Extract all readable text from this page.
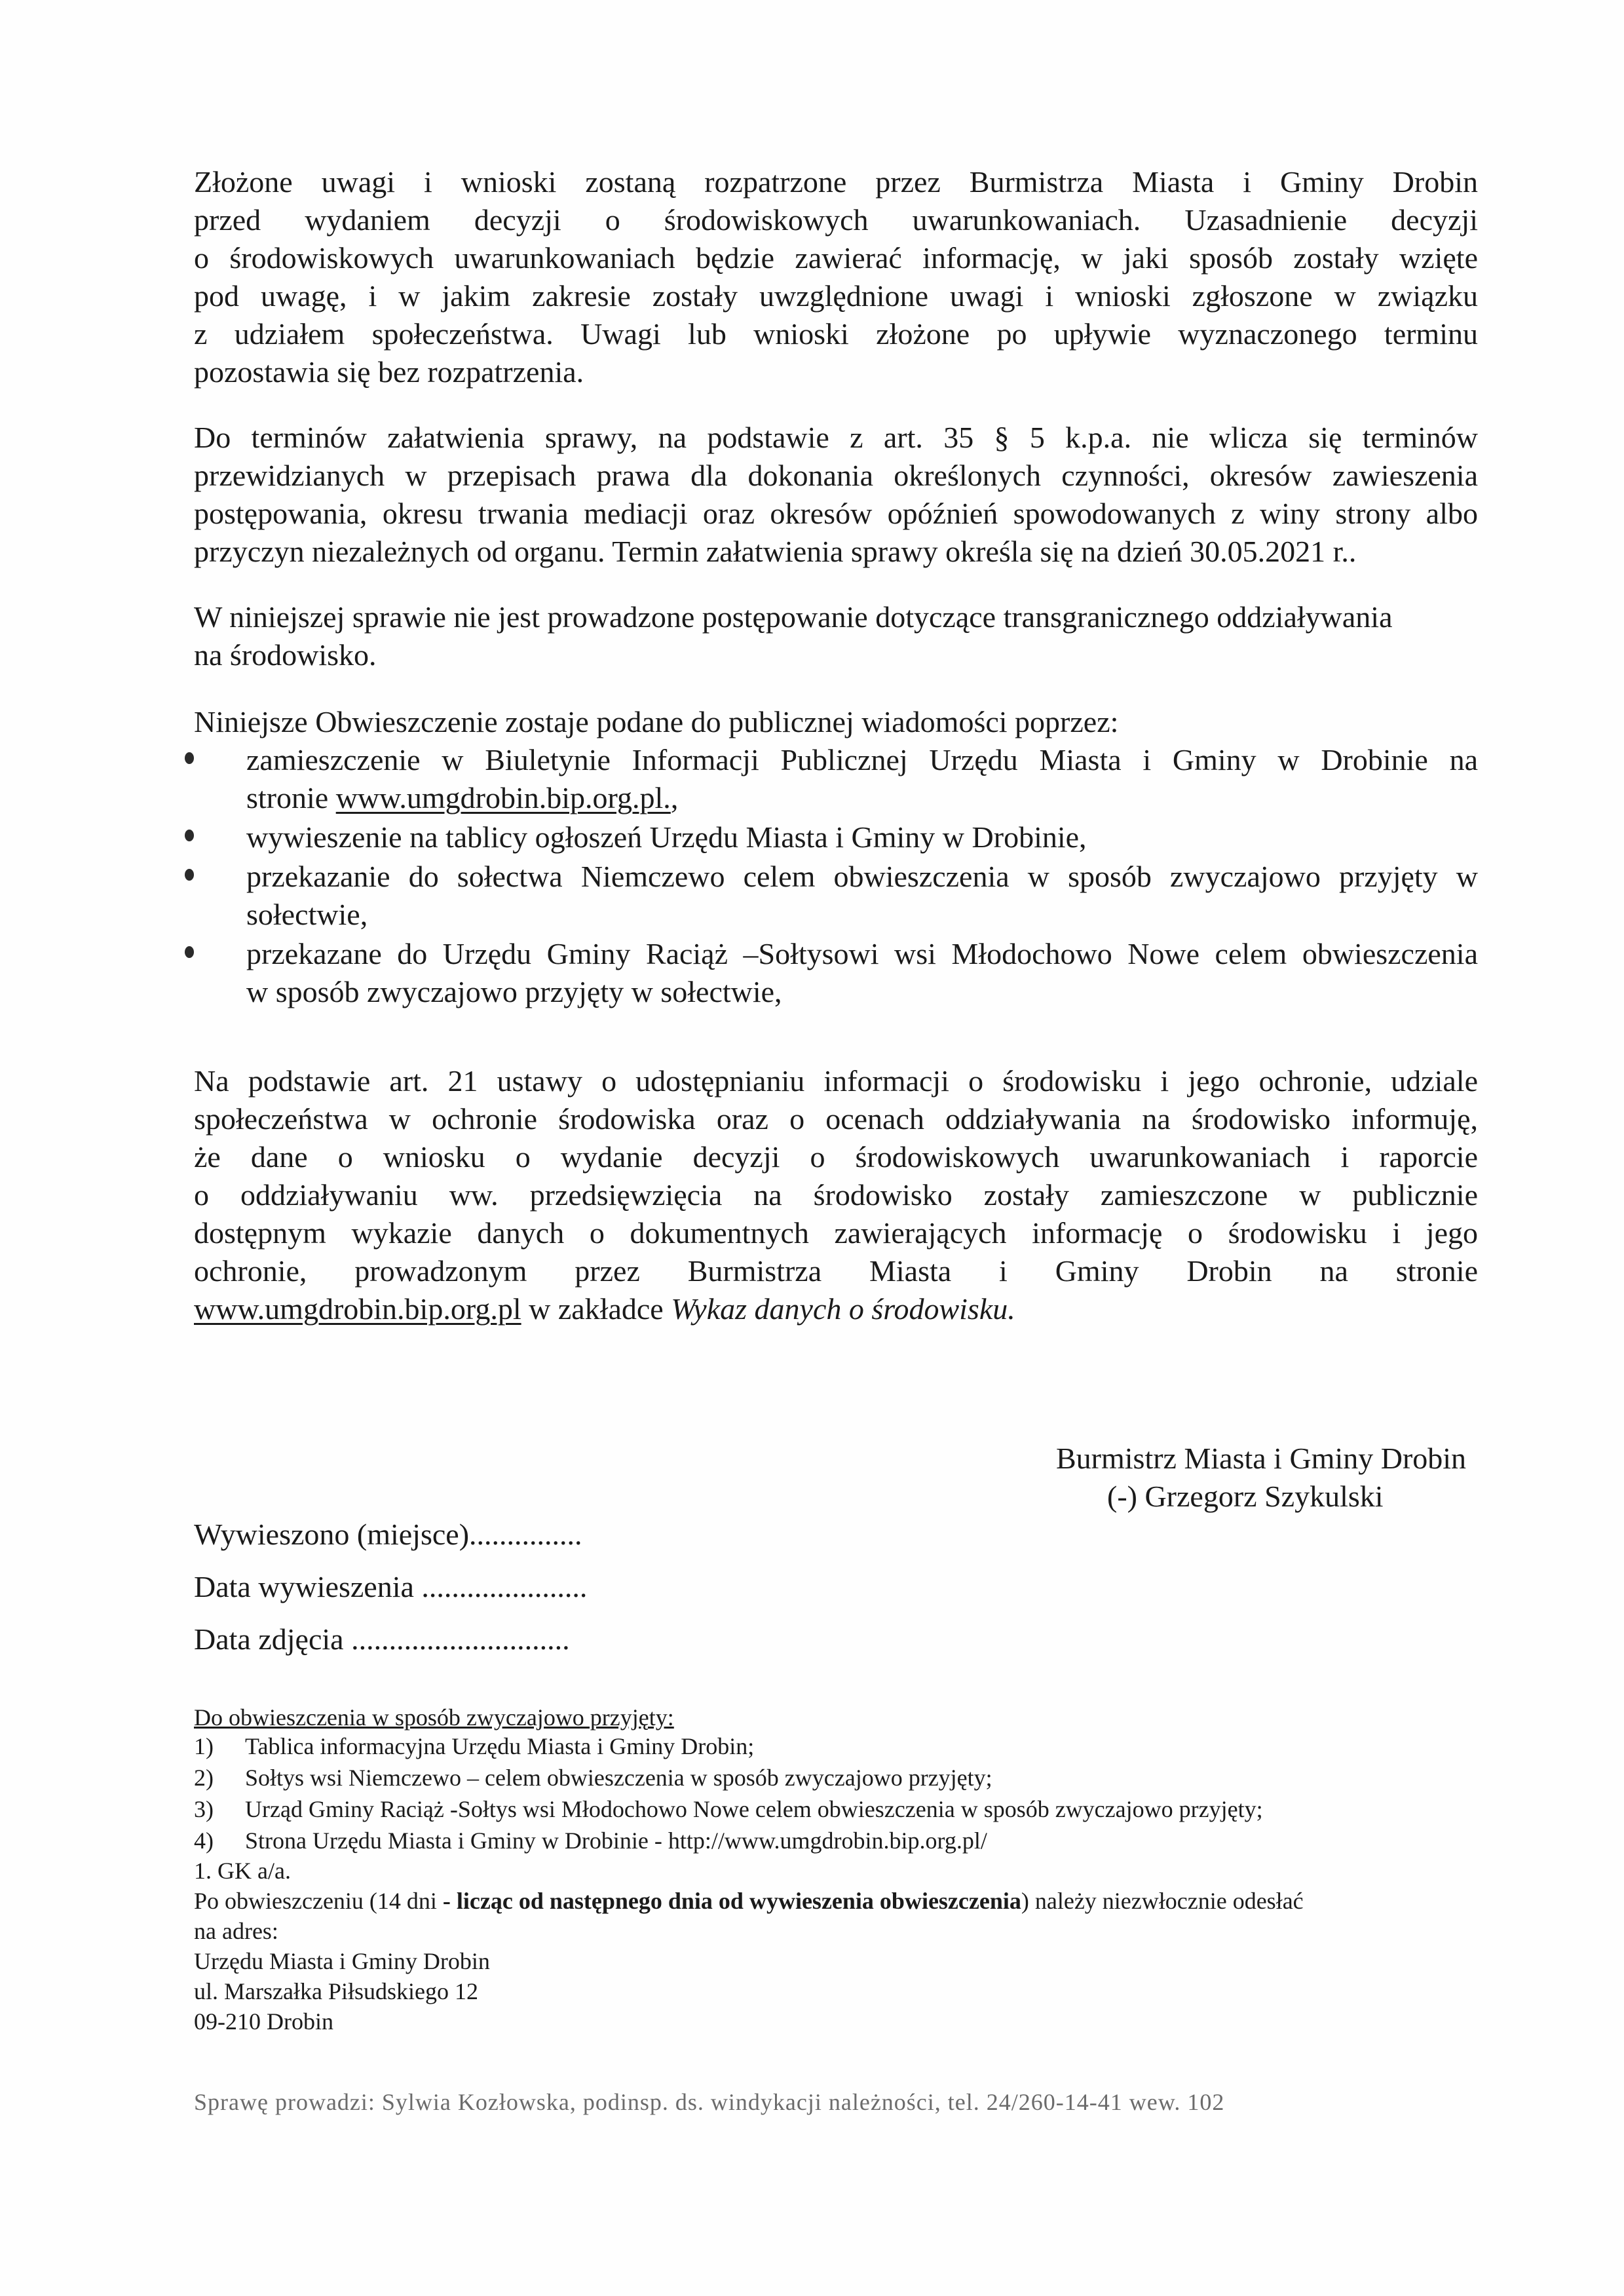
Złożone uwagi i wnioski zostaną rozpatrzone przez Burmistrza Miasta i Gminy Drobin
przed wydaniem decyzji o środowiskowych uwarunkowaniach. Uzasadnienie decyzji
o środowiskowych uwarunkowaniach będzie zawierać informację, w jaki sposób zostały wzięte
pod uwagę, i w jakim zakresie zostały uwzględnione uwagi i wnioski zgłoszone w związku
z udziałem społeczeństwa. Uwagi lub wnioski złożone po upływie wyznaczonego terminu
pozostawia się bez rozpatrzenia.
Do terminów załatwienia sprawy, na podstawie z art. 35 § 5 k.p.a. nie wlicza się terminów
przewidzianych w przepisach prawa dla dokonania określonych czynności, okresów zawieszenia
postępowania, okresu trwania mediacji oraz okresów opóźnień spowodowanych z winy strony albo
przyczyn niezależnych od organu. Termin załatwienia sprawy określa się na dzień 30.05.2021 r..
W niniejszej sprawie nie jest prowadzone postępowanie dotyczące transgranicznego oddziaływania
na środowisko.
Niniejsze Obwieszczenie zostaje podane do publicznej wiadomości poprzez:
zamieszczenie w Biuletynie Informacji Publicznej Urzędu Miasta i Gminy w Drobinie na
stronie www.umgdrobin.bip.org.pl.,
wywieszenie na tablicy ogłoszeń Urzędu Miasta i Gminy w Drobinie,
przekazanie do sołectwa Niemczewo celem obwieszczenia w sposób zwyczajowo przyjęty w
sołectwie,
przekazane do Urzędu Gminy Raciąż –Sołtysowi wsi Młodochowo Nowe celem obwieszczenia
w sposób zwyczajowo przyjęty w sołectwie,
Na podstawie art. 21 ustawy o udostępnianiu informacji o środowisku i jego ochronie, udziale
społeczeństwa w ochronie środowiska oraz o ocenach oddziaływania na środowisko informuję,
że dane o wniosku o wydanie decyzji o środowiskowych uwarunkowaniach i raporcie
o oddziaływaniu ww. przedsięwzięcia na środowisko zostały zamieszczone w publicznie
dostępnym wykazie danych o dokumentnych zawierających informację o środowisku i jego
ochronie, prowadzonym przez Burmistrza Miasta i Gminy Drobin na stronie
www.umgdrobin.bip.org.pl w zakładce Wykaz danych o środowisku.
Burmistrz Miasta i Gminy Drobin
(-) Grzegorz Szykulski
Wywieszono (miejsce)...............
Data wywieszenia ......................
Data zdjęcia .............................
Do obwieszczenia w sposób zwyczajowo przyjęty:
1) Tablica informacyjna Urzędu Miasta i Gminy Drobin;
2) Sołtys wsi Niemczewo – celem obwieszczenia w sposób zwyczajowo przyjęty;
3) Urząd Gminy Raciąż -Sołtys wsi Młodochowo Nowe celem obwieszczenia w sposób zwyczajowo przyjęty;
4) Strona Urzędu Miasta i Gminy w Drobinie - http://www.umgdrobin.bip.org.pl/
1. GK a/a.
Po obwieszczeniu (14 dni - licząc od następnego dnia od wywieszenia obwieszczenia) należy niezwłocznie odesłać
na adres:
Urzędu Miasta i Gminy Drobin
ul. Marszałka Piłsudskiego 12
09-210 Drobin
Sprawę prowadzi: Sylwia Kozłowska, podinsp. ds. windykacji należności, tel. 24/260-14-41 wew. 102
